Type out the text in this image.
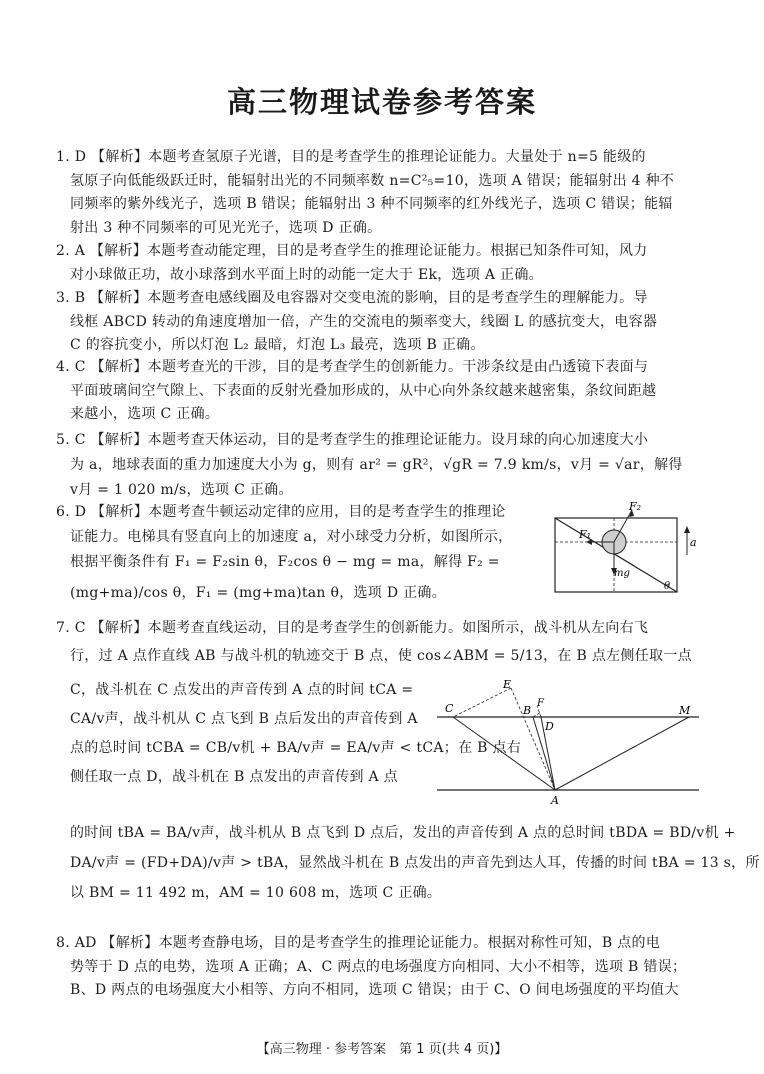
高三物理试卷参考答案
1. D 【解析】本题考查氢原子光谱，目的是考查学生的推理论证能力。大量处于 n=5 能级的
氢原子向低能级跃迁时，能辐射出光的不同频率数 n=C²₅=10，选项 A 错误；能辐射出 4 种不
同频率的紫外线光子，选项 B 错误；能辐射出 3 种不同频率的红外线光子，选项 C 错误；能辐
射出 3 种不同频率的可见光光子，选项 D 正确。
2. A 【解析】本题考查动能定理，目的是考查学生的推理论证能力。根据已知条件可知，风力
对小球做正功，故小球落到水平面上时的动能一定大于 Ek，选项 A 正确。
3. B 【解析】本题考查电感线圈及电容器对交变电流的影响，目的是考查学生的理解能力。导
线框 ABCD 转动的角速度增加一倍，产生的交流电的频率变大，线圈 L 的感抗变大，电容器
C 的容抗变小，所以灯泡 L₂ 最暗，灯泡 L₃ 最亮，选项 B 正确。
4. C 【解析】本题考查光的干涉，目的是考查学生的创新能力。干涉条纹是由凸透镜下表面与
平面玻璃间空气隙上、下表面的反射光叠加形成的，从中心向外条纹越来越密集，条纹间距越
来越小，选项 C 正确。
5. C 【解析】本题考查天体运动，目的是考查学生的推理论证能力。设月球的向心加速度大小
为 a，地球表面的重力加速度大小为 g，则有 ar² = gR²，√gR = 7.9 km/s，v月 = √ar，解得
v月 = 1 020 m/s，选项 C 正确。
6. D 【解析】本题考查牛顿运动定律的应用，目的是考查学生的推理论
证能力。电梯具有竖直向上的加速度 a，对小球受力分析，如图所示，
根据平衡条件有 F₁ = F₂sin θ，F₂cos θ − mg = ma，解得 F₂ =
(mg+ma)/cos θ，F₁ = (mg+ma)tan θ，选项 D 正确。
F₂
F₁
mg
θ
a
7. C 【解析】本题考查直线运动，目的是考查学生的创新能力。如图所示，战斗机从左向右飞
行，过 A 点作直线 AB 与战斗机的轨迹交于 B 点，使 cos∠ABM = 5/13，在 B 点左侧任取一点
C，战斗机在 C 点发出的声音传到 A 点的时间 tCA =
CA/v声，战斗机从 C 点飞到 B 点后发出的声音传到 A
点的总时间 tCBA = CB/v机 + BA/v声 = EA/v声 < tCA；在 B 点右
侧任取一点 D，战斗机在 B 点发出的声音传到 A 点
E
C	B
F
D
M
A
的时间 tBA = BA/v声，战斗机从 B 点飞到 D 点后，发出的声音传到 A 点的总时间 tBDA = BD/v机 +
DA/v声 = (FD+DA)/v声 > tBA，显然战斗机在 B 点发出的声音先到达人耳，传播的时间 tBA = 13 s，所
以 BM = 11 492 m，AM = 10 608 m，选项 C 正确。
8. AD 【解析】本题考查静电场，目的是考查学生的推理论证能力。根据对称性可知，B 点的电
势等于 D 点的电势，选项 A 正确；A、C 两点的电场强度方向相同、大小不相等，选项 B 错误；
B、D 两点的电场强度大小相等、方向不相同，选项 C 错误；由于 C、O 间电场强度的平均值大
【高三物理 · 参考答案　第 1 页(共 4 页)】
